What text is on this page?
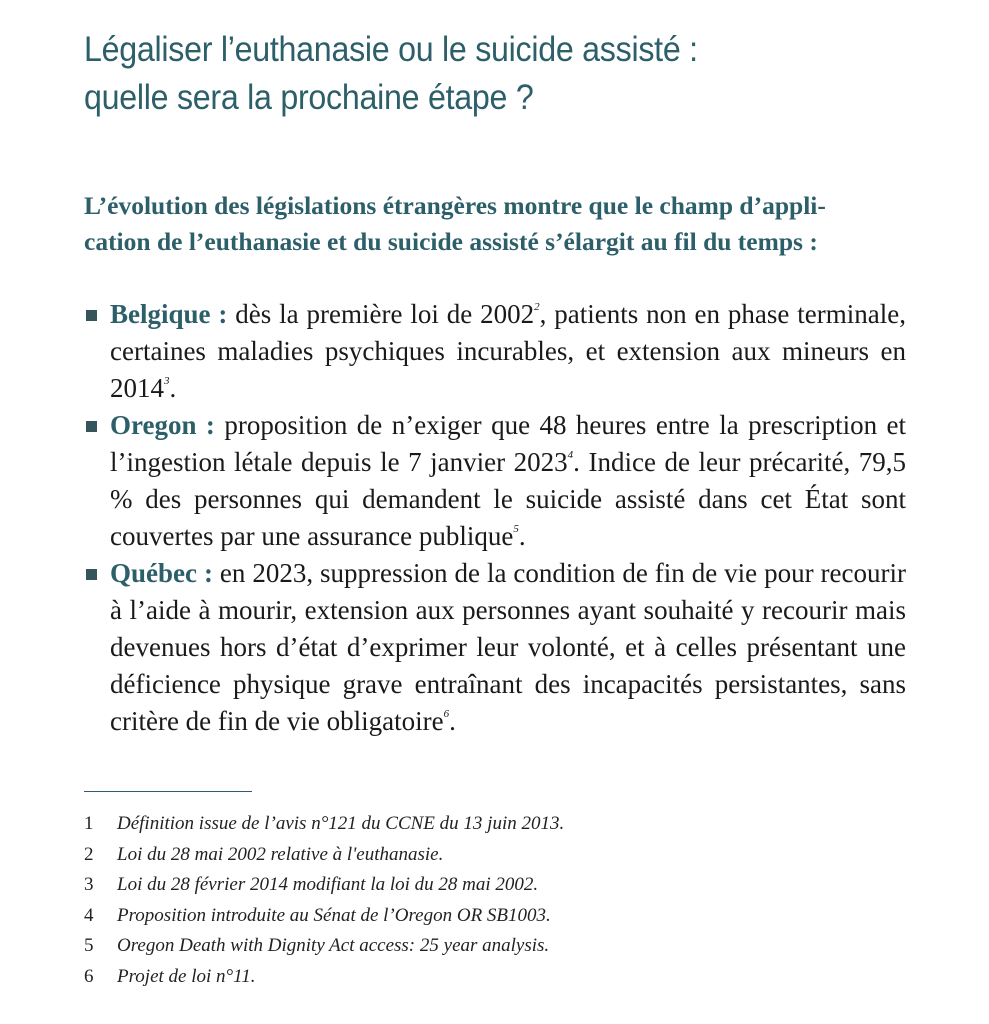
Légaliser l’euthanasie ou le suicide assisté :
quelle sera la prochaine étape ?

L’évolution des législations étrangères montre que le champ d’appli-
cation de l’euthanasie et du suicide assisté s’élargit au fil du temps :

Belgique : dès la première loi de 2002$^2$, patients non en phase terminale, certaines maladies psychiques incurables, et extension aux mineurs en 2014$^3$.
Oregon : proposition de n’exiger que 48 heures entre la prescription et l’ingestion létale depuis le 7 janvier 2023$^4$. Indice de leur précarité, 79,5 % des personnes qui demandent le suicide assisté dans cet État sont couvertes par une assurance publique$^5$.
Québec : en 2023, suppression de la condition de fin de vie pour recourir à l’aide à mourir, extension aux personnes ayant souhaité y recourir mais devenues hors d’état d’exprimer leur volonté, et à celles présentant une déficience physique grave entraînant des incapacités persistantes, sans critère de fin de vie obligatoire$^6$.
1	Définition issue de l’avis n°121 du CCNE du 13 juin 2013.
2	Loi du 28 mai 2002 relative à l'euthanasie.
3	Loi du 28 février 2014 modifiant la loi du 28 mai 2002.
4	Proposition introduite au Sénat de l’Oregon OR SB1003.
5	Oregon Death with Dignity Act access: 25 year analysis.
6	Projet de loi n°11.
